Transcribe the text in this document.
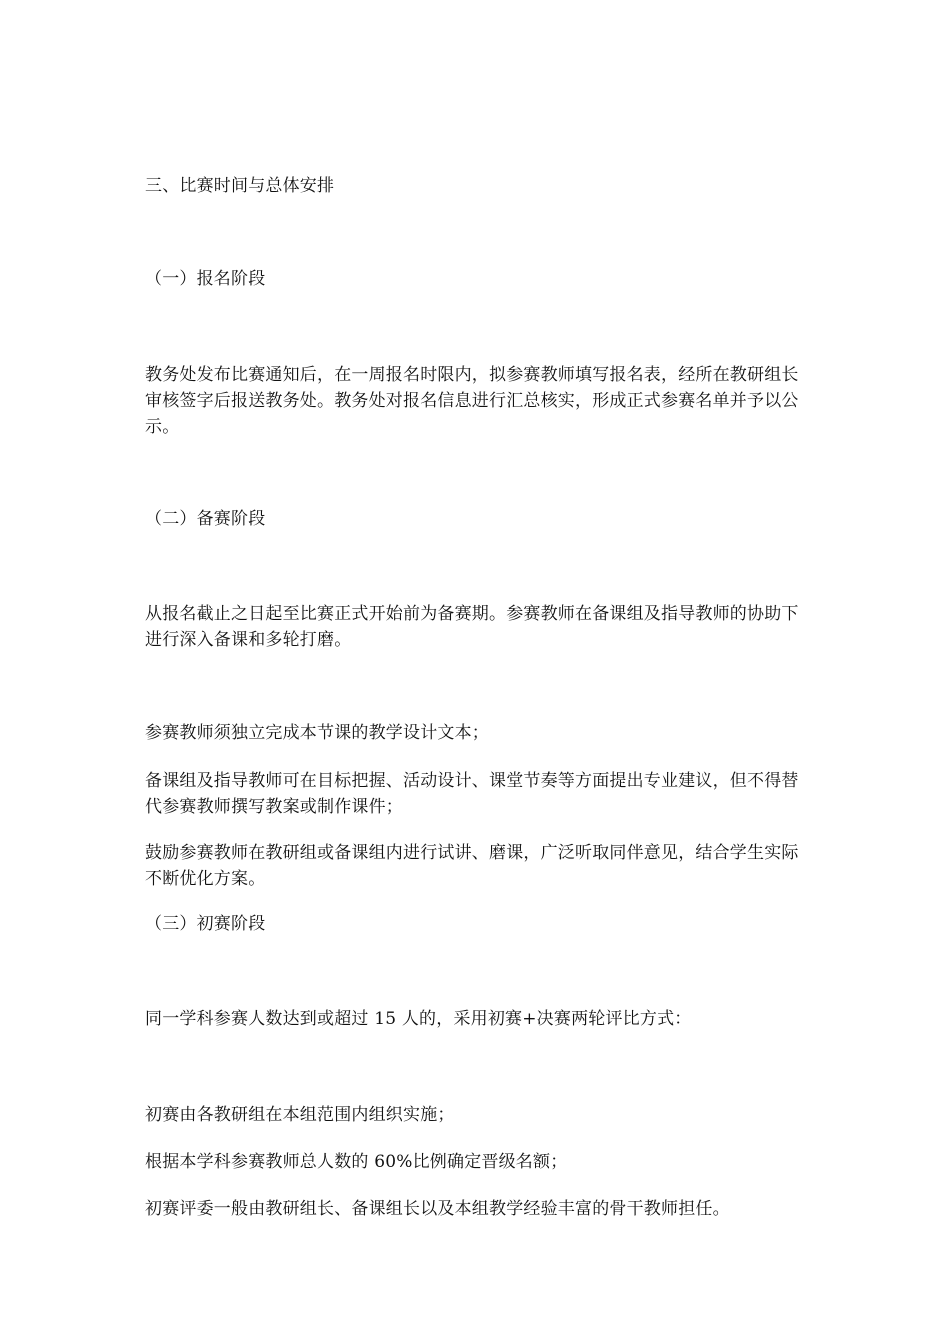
三、比赛时间与总体安排

（一）报名阶段

教务处发布比赛通知后，在一周报名时限内，拟参赛教师填写报名表，经所在教研组长审核签字后报送教务处。教务处对报名信息进行汇总核实，形成正式参赛名单并予以公示。

（二）备赛阶段

从报名截止之日起至比赛正式开始前为备赛期。参赛教师在备课组及指导教师的协助下进行深入备课和多轮打磨。

参赛教师须独立完成本节课的教学设计文本；

备课组及指导教师可在目标把握、活动设计、课堂节奏等方面提出专业建议，但不得替代参赛教师撰写教案或制作课件；

鼓励参赛教师在教研组或备课组内进行试讲、磨课，广泛听取同伴意见，结合学生实际不断优化方案。

（三）初赛阶段

同一学科参赛人数达到或超过 15 人的，采用初赛+决赛两轮评比方式：

初赛由各教研组在本组范围内组织实施；

根据本学科参赛教师总人数的 60%比例确定晋级名额；

初赛评委一般由教研组长、备课组长以及本组教学经验丰富的骨干教师担任。
